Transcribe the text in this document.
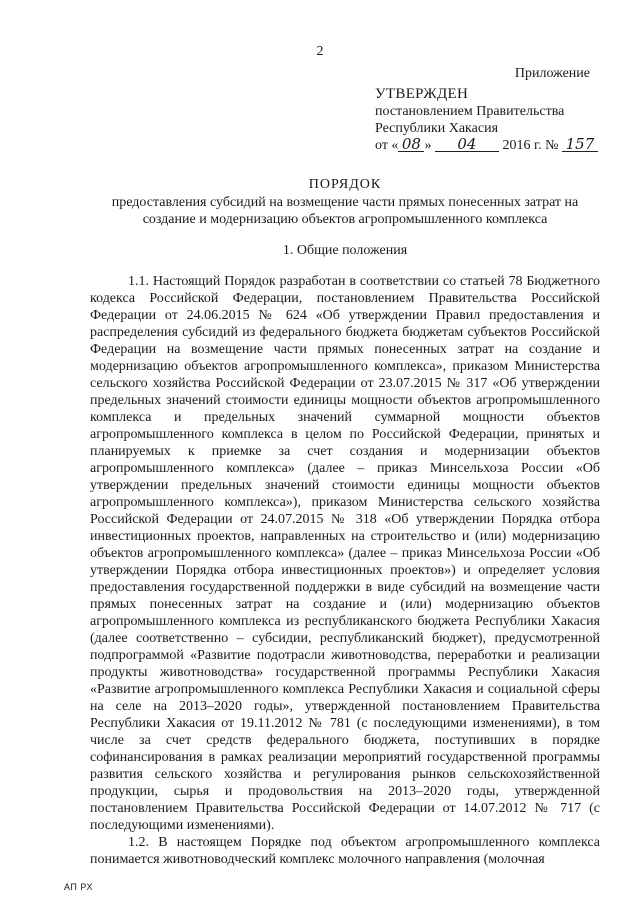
2
Приложение
УТВЕРЖДЕН
постановлением Правительства
Республики Хакасия
от « 08 » 04 2016 г. № 157
ПОРЯДОК
предоставления субсидий на возмещение части прямых понесенных затрат на создание и модернизацию объектов агропромышленного комплекса
1. Общие положения

1.1. Настоящий Порядок разработан в соответствии со статьей 78 Бюджетного кодекса Российской Федерации, постановлением Правительства Российской Федерации от 24.06.2015 № 624 «Об утверждении Правил предоставления и распределения субсидий из федерального бюджета бюджетам субъектов Российской Федерации на возмещение части прямых понесенных затрат на создание и модернизацию объектов агропромышленного комплекса», приказом Министерства сельского хозяйства Российской Федерации от 23.07.2015 № 317 «Об утверждении предельных значений стоимости единицы мощности объектов агропромышленного комплекса и предельных значений суммарной мощности объектов агропромышленного комплекса в целом по Российской Федерации, принятых и планируемых к приемке за счет создания и модернизации объектов агропромышленного комплекса» (далее – приказ Минсельхоза России «Об утверждении предельных значений стоимости единицы мощности объектов агропромышленного комплекса»), приказом Министерства сельского хозяйства Российской Федерации от 24.07.2015 № 318 «Об утверждении Порядка отбора инвестиционных проектов, направленных на строительство и (или) модернизацию объектов агропромышленного комплекса» (далее – приказ Минсельхоза России «Об утверждении Порядка отбора инвестиционных проектов») и определяет условия предоставления государственной поддержки в виде субсидий на возмещение части прямых понесенных затрат на создание и (или) модернизацию объектов агропромышленного комплекса из республиканского бюджета Республики Хакасия (далее соответственно – субсидии, республиканский бюджет), предусмотренной подпрограммой «Развитие подотрасли животноводства, переработки и реализации продукты животноводства» государственной программы Республики Хакасия «Развитие агропромышленного комплекса Республики Хакасия и социальной сферы на селе на 2013–2020 годы», утвержденной постановлением Правительства Республики Хакасия от 19.11.2012 № 781 (с последующими изменениями), в том числе за счет средств федерального бюджета, поступивших в порядке софинансирования в рамках реализации мероприятий государственной программы развития сельского хозяйства и регулирования рынков сельскохозяйственной продукции, сырья и продовольствия на 2013–2020 годы, утвержденной постановлением Правительства Российской Федерации от 14.07.2012 № 717 (с последующими изменениями).

1.2. В настоящем Порядке под объектом агропромышленного комплекса понимается животноводческий комплекс молочного направления (молочная

АП РХ
